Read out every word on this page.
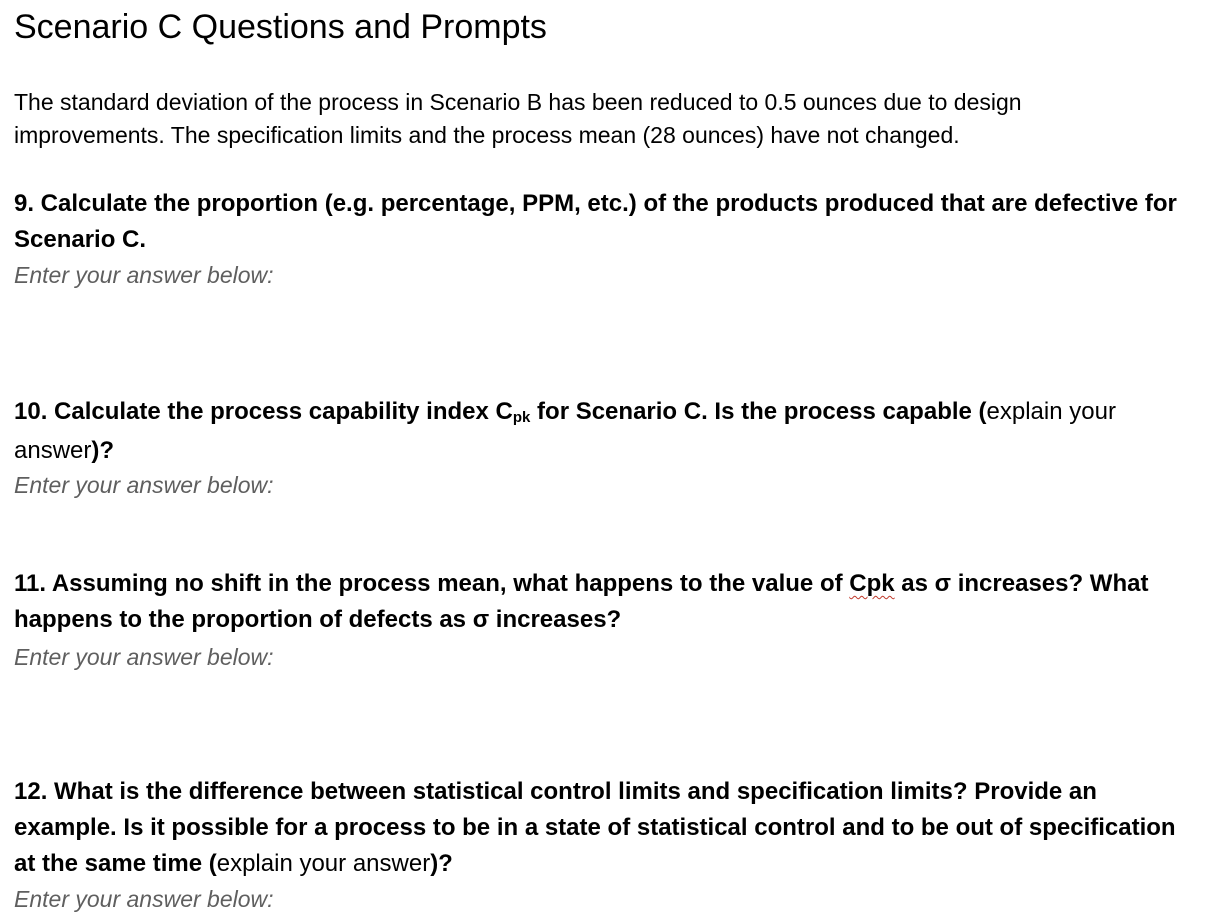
Scenario C Questions and Prompts

The standard deviation of the process in Scenario B has been reduced to 0.5 ounces due to design improvements. The specification limits and the process mean (28 ounces) have not changed.

9. Calculate the proportion (e.g. percentage, PPM, etc.) of the products produced that are defective for Scenario C.

Enter your answer below:

10. Calculate the process capability index $C_{pk}$ for Scenario C. Is the process capable (explain your answer)?

Enter your answer below:

11. Assuming no shift in the process mean, what happens to the value of Cpk as σ increases? What happens to the proportion of defects as σ increases?

Enter your answer below:

12. What is the difference between statistical control limits and specification limits? Provide an example. Is it possible for a process to be in a state of statistical control and to be out of specification at the same time (explain your answer)?

Enter your answer below:
